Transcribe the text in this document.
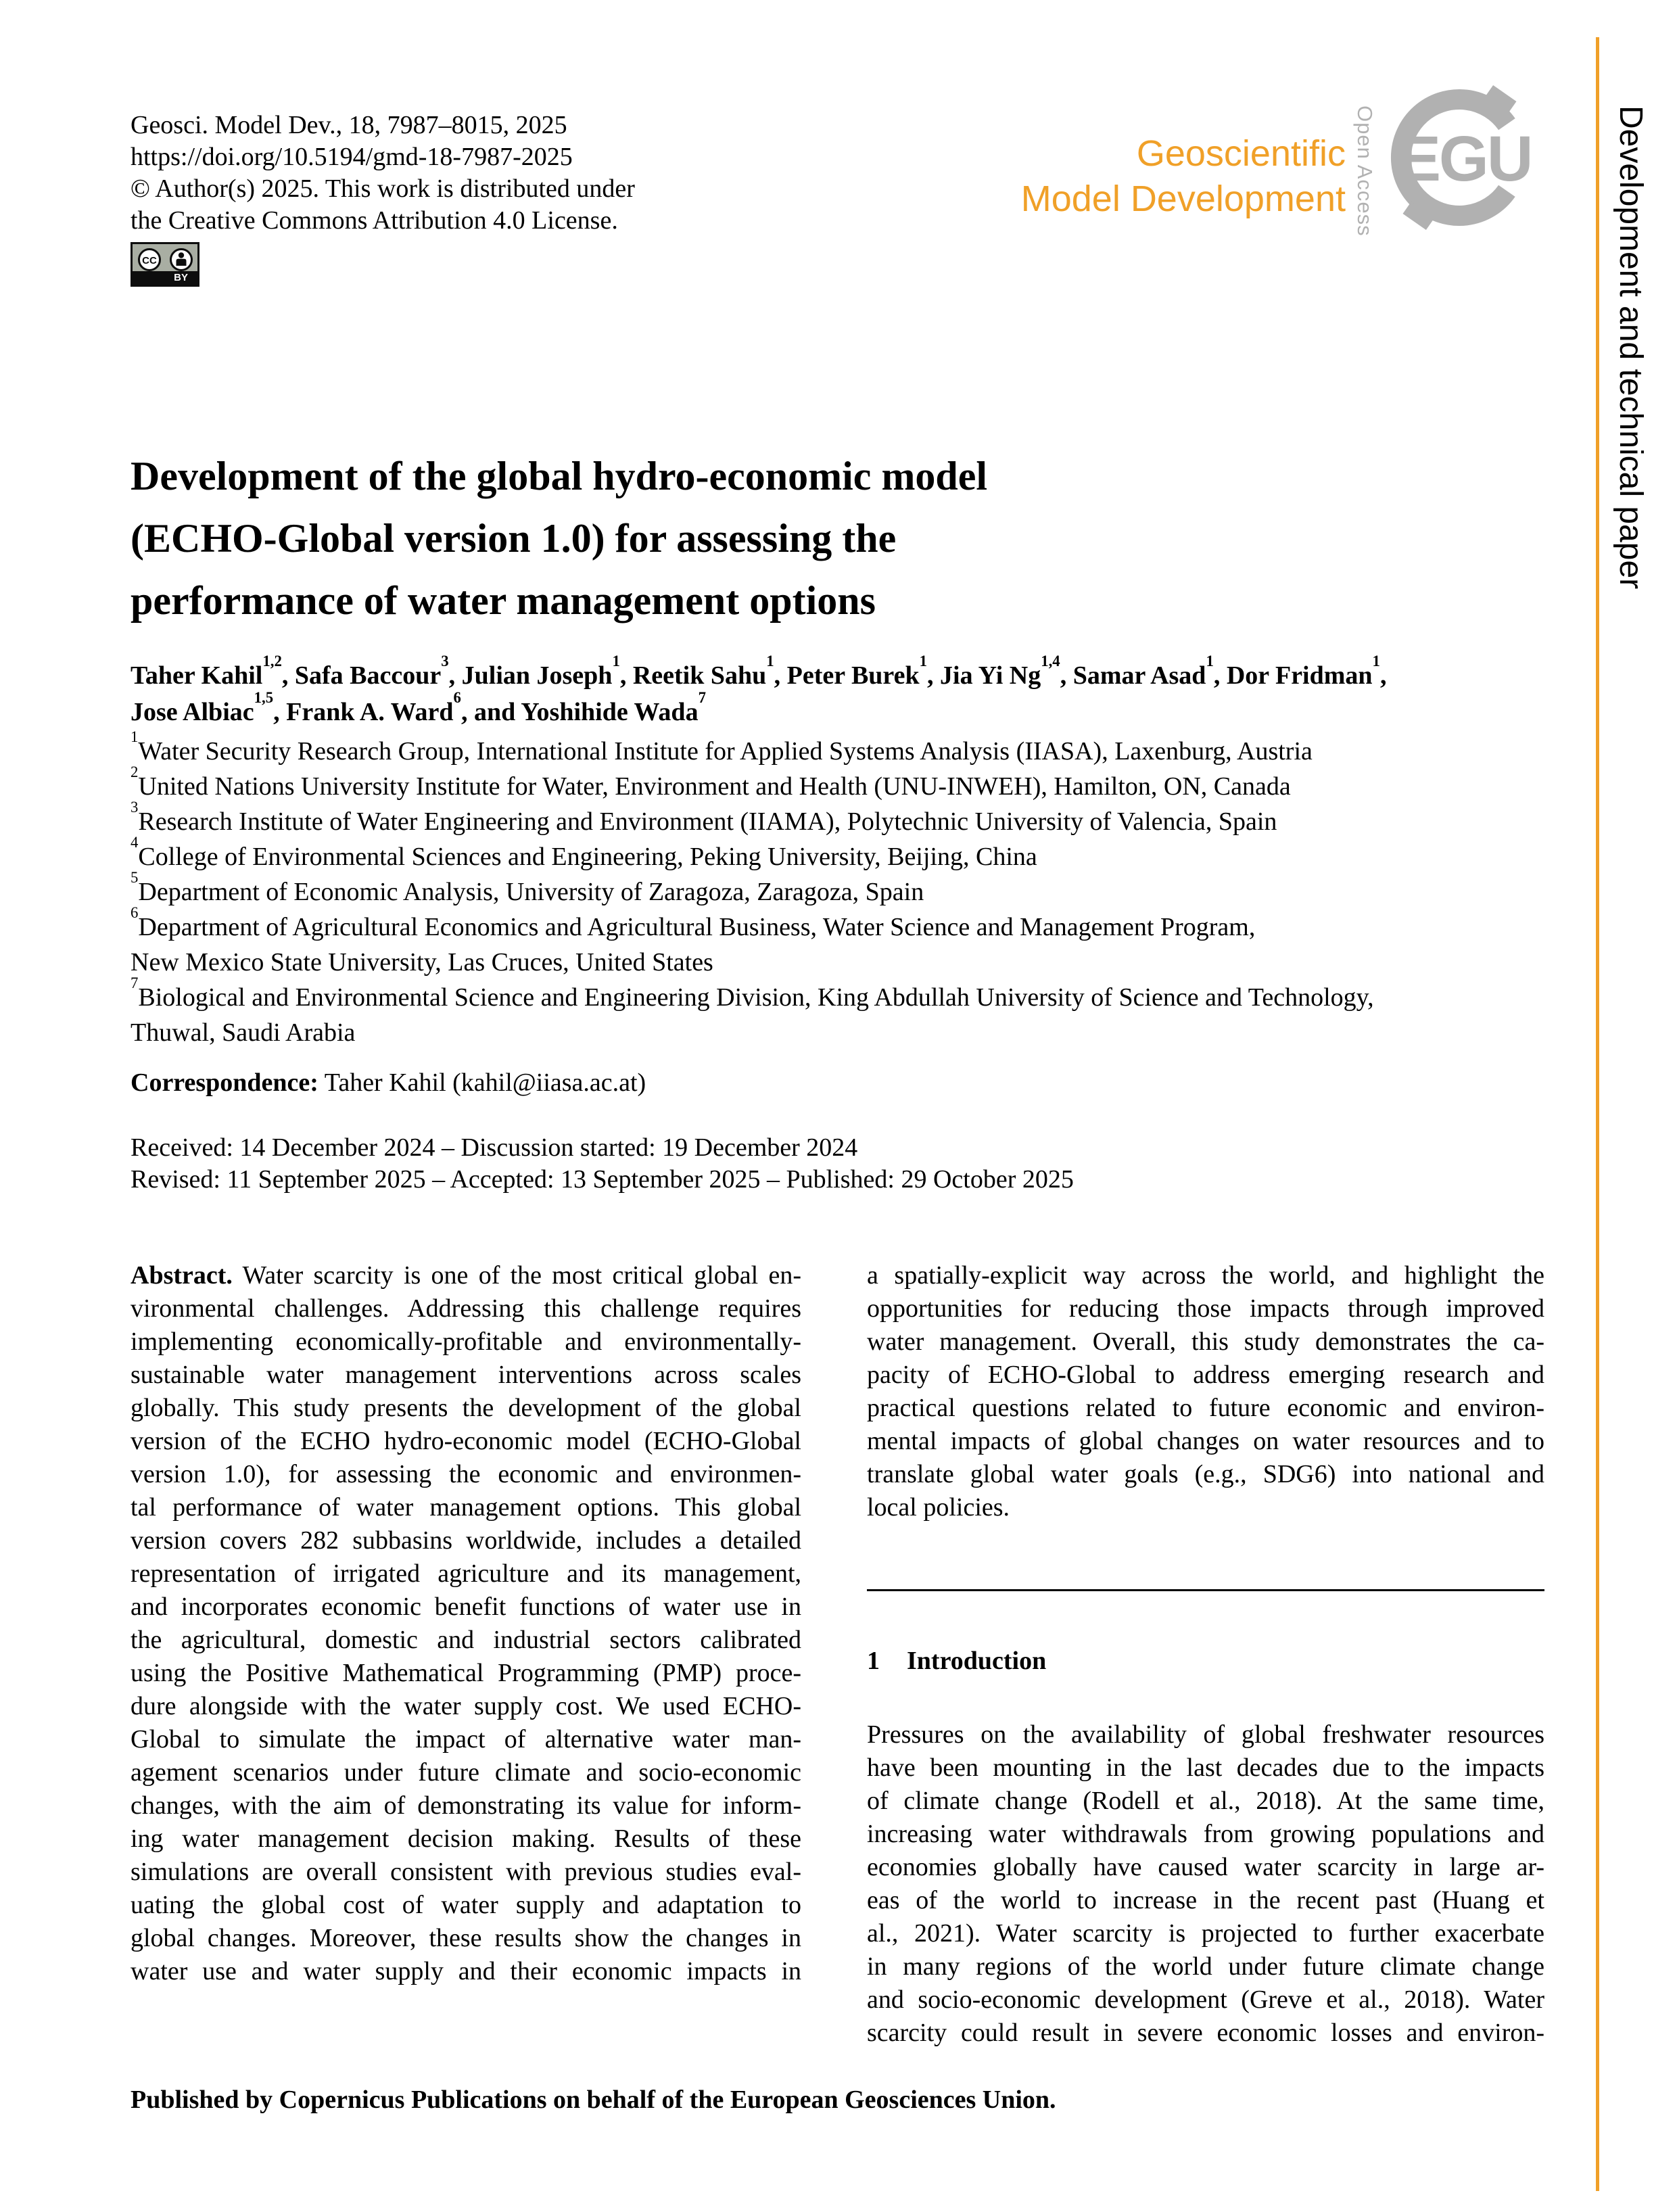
Geosci. Model Dev., 18, 7987–8015, 2025
https://doi.org/10.5194/gmd-18-7987-2025
© Author(s) 2025. This work is distributed under
the Creative Commons Attribution 4.0 License.
CC
BY
Geoscientific
Model Development Open Access EGU	Development and technical paper
Development of the global hydro-economic model
(ECHO-Global version 1.0) for assessing the
performance of water management options
Taher Kahil$^{1,2}$, Safa Baccour$^3$, Julian Joseph$^1$, Reetik Sahu$^1$, Peter Burek$^1$, Jia Yi Ng$^{1,4}$, Samar Asad$^1$, Dor Fridman$^1$,
Jose Albiac$^{1,5}$, Frank A. Ward$^6$, and Yoshihide Wada$^7$
$^1$Water Security Research Group, International Institute for Applied Systems Analysis (IIASA), Laxenburg, Austria
$^2$United Nations University Institute for Water, Environment and Health (UNU-INWEH), Hamilton, ON, Canada
$^3$Research Institute of Water Engineering and Environment (IIAMA), Polytechnic University of Valencia, Spain
$^4$College of Environmental Sciences and Engineering, Peking University, Beijing, China
$^5$Department of Economic Analysis, University of Zaragoza, Zaragoza, Spain
$^6$Department of Agricultural Economics and Agricultural Business, Water Science and Management Program,
New Mexico State University, Las Cruces, United States
$^7$Biological and Environmental Science and Engineering Division, King Abdullah University of Science and Technology,
Thuwal, Saudi Arabia
Correspondence: Taher Kahil (kahil@iiasa.ac.at)
Received: 14 December 2024 – Discussion started: 19 December 2024
Revised: 11 September 2025 – Accepted: 13 September 2025 – Published: 29 October 2025
Abstract. Water scarcity is one of the most critical global en-
vironmental challenges. Addressing this challenge requires
implementing economically-profitable and environmentally-
sustainable water management interventions across scales
globally. This study presents the development of the global
version of the ECHO hydro-economic model (ECHO-Global
version 1.0), for assessing the economic and environmen-
tal performance of water management options. This global
version covers 282 subbasins worldwide, includes a detailed
representation of irrigated agriculture and its management,
and incorporates economic benefit functions of water use in
the agricultural, domestic and industrial sectors calibrated
using the Positive Mathematical Programming (PMP) proce-
dure alongside with the water supply cost. We used ECHO-
Global to simulate the impact of alternative water man-
agement scenarios under future climate and socio-economic
changes, with the aim of demonstrating its value for inform-
ing water management decision making. Results of these
simulations are overall consistent with previous studies eval-
uating the global cost of water supply and adaptation to
global changes. Moreover, these results show the changes in
water use and water supply and their economic impacts in
a spatially-explicit way across the world, and highlight the
opportunities for reducing those impacts through improved
water management. Overall, this study demonstrates the ca-
pacity of ECHO-Global to address emerging research and
practical questions related to future economic and environ-
mental impacts of global changes on water resources and to
translate global water goals (e.g., SDG6) into national and
local policies.
1 Introduction
Pressures on the availability of global freshwater resources
have been mounting in the last decades due to the impacts
of climate change (Rodell et al., 2018). At the same time,
increasing water withdrawals from growing populations and
economies globally have caused water scarcity in large ar-
eas of the world to increase in the recent past (Huang et
al., 2021). Water scarcity is projected to further exacerbate
in many regions of the world under future climate change
and socio-economic development (Greve et al., 2018). Water
scarcity could result in severe economic losses and environ-
Published by Copernicus Publications on behalf of the European Geosciences Union.
